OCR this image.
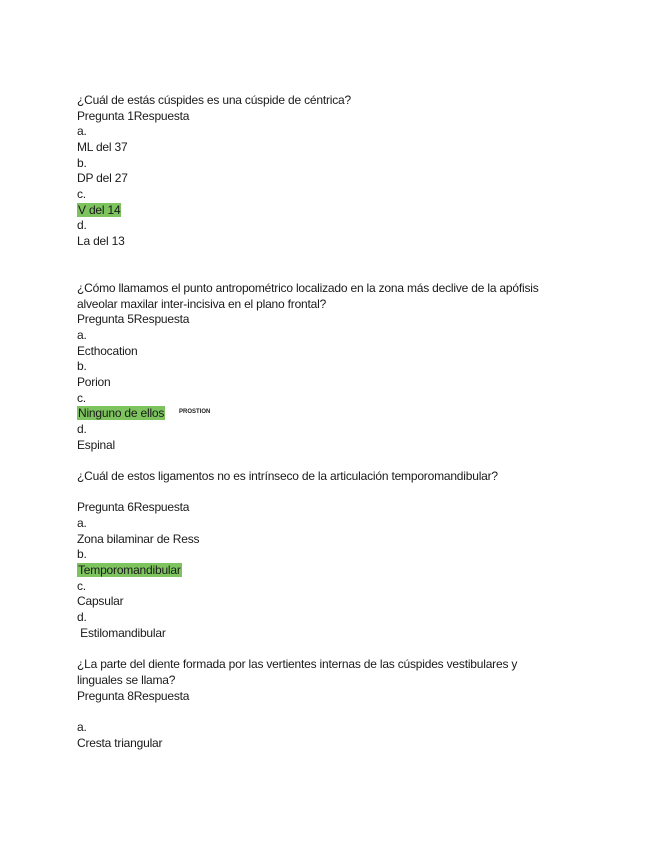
¿Cuál de estás cúspides es una cúspide de céntrica?
Pregunta 1Respuesta
a.
ML del 37
b.
DP del 27
c.
V del 14
d.
La del 13
¿Cómo llamamos el punto antropométrico localizado en la zona más declive de la apófisis
alveolar maxilar inter-incisiva en el plano frontal?
Pregunta 5Respuesta
a.
Ecthocation
b.
Porion
c.
Ninguno de ellos PROSTION
d.
Espinal
¿Cuál de estos ligamentos no es intrínseco de la articulación temporomandibular?
Pregunta 6Respuesta
a.
Zona bilaminar de Ress
b.
Temporomandibular
c.
Capsular
d.
Estilomandibular
¿La parte del diente formada por las vertientes internas de las cúspides vestibulares y
linguales se llama?
Pregunta 8Respuesta
a.
Cresta triangular
